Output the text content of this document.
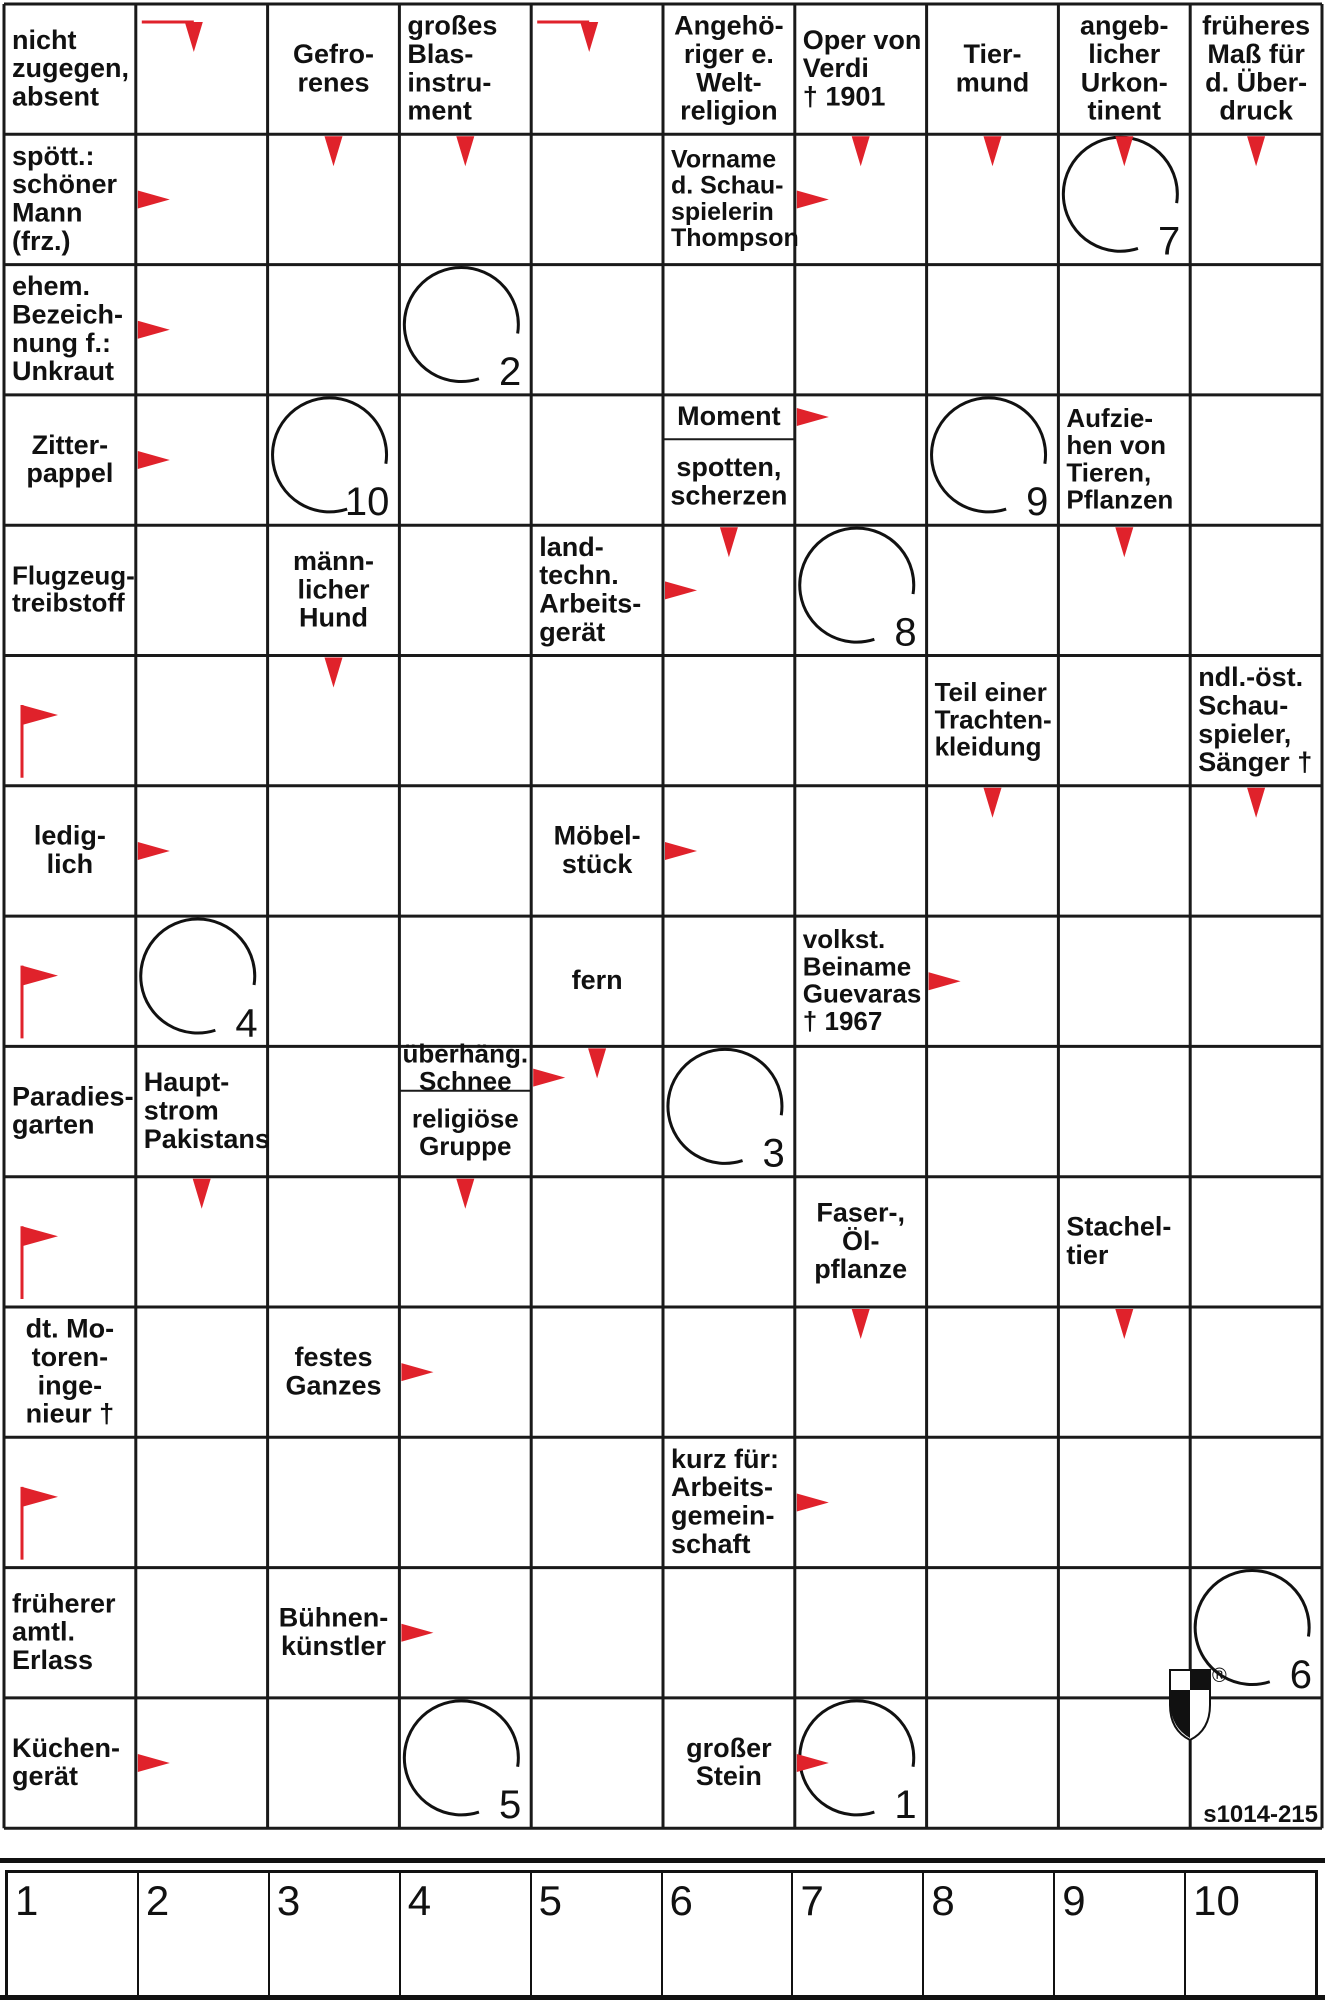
7
2
10	9
8
4
3
6
5	1
nicht zugegen, absent
Gefro-renes
großes Blas-instru-ment
Angehö-riger e. Welt-religion
Oper von Verdi † 1901
Tier-mund
angeb-licher Urkon-tinent
früheres Maß für d. Über-druck
spött.: schöner Mann (frz.)
Vorname d. Schau-spielerin Thompson
ehem. Bezeich-nung f.: Unkraut
Zitter-pappel
Moment
spotten, scherzen
Aufzie-hen von Tieren, Pflanzen
Flugzeug-treibstoff
männ-licher Hund
land-techn. Arbeits-gerät
Teil einer Trachten-kleidung
ndl.-öst. Schau-spieler, Sänger †
ledig-lich
Möbel-stück
fern
volkst. Beiname Guevaras † 1967
Paradies-garten
Haupt-strom Pakistans
überhäng. Schnee
religiöse Gruppe
Faser-, Öl-pflanze
Stachel-tier
dt. Mo-toren-inge-nieur †
festes Ganzes
kurz für: Arbeits-gemein-schaft
früherer amtl. Erlass
Bühnen-künstler
Küchen-gerät
großer Stein
®
s1014-215
1	2	3	4	5	6	7	8	9	10
